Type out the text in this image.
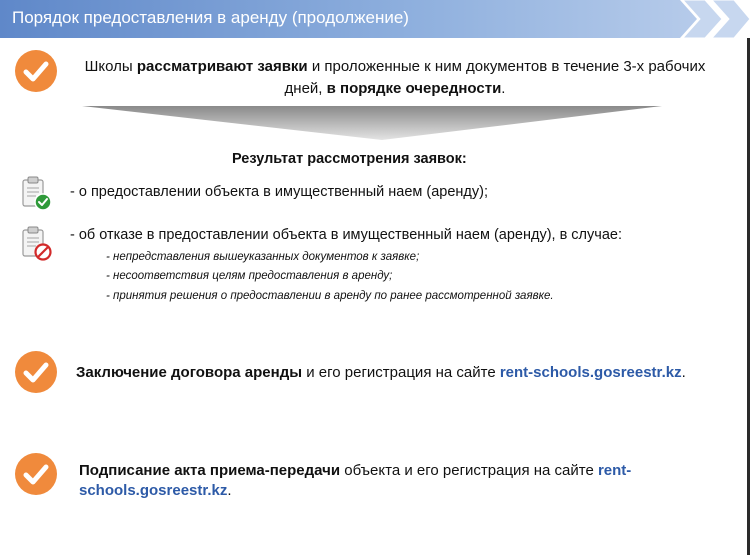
Порядок предоставления в аренду (продолжение)
Школы рассматривают заявки и проложенные к ним документов в течение 3-х рабочих дней, в порядке очередности.
Результат рассмотрения заявок:
- о предоставлении объекта в имущественный наем (аренду);
- об отказе в предоставлении объекта в имущественный наем (аренду), в случае:
- непредставления вышеуказанных документов к заявке;
- несоответствия целям предоставления в аренду;
- принятия решения о предоставлении в аренду по ранее рассмотренной заявке.
Заключение договора аренды и его регистрация на сайте rent-schools.gosreestr.kz.
Подписание акта приема-передачи объекта и его регистрация на сайте rent-schools.gosreestr.kz.
